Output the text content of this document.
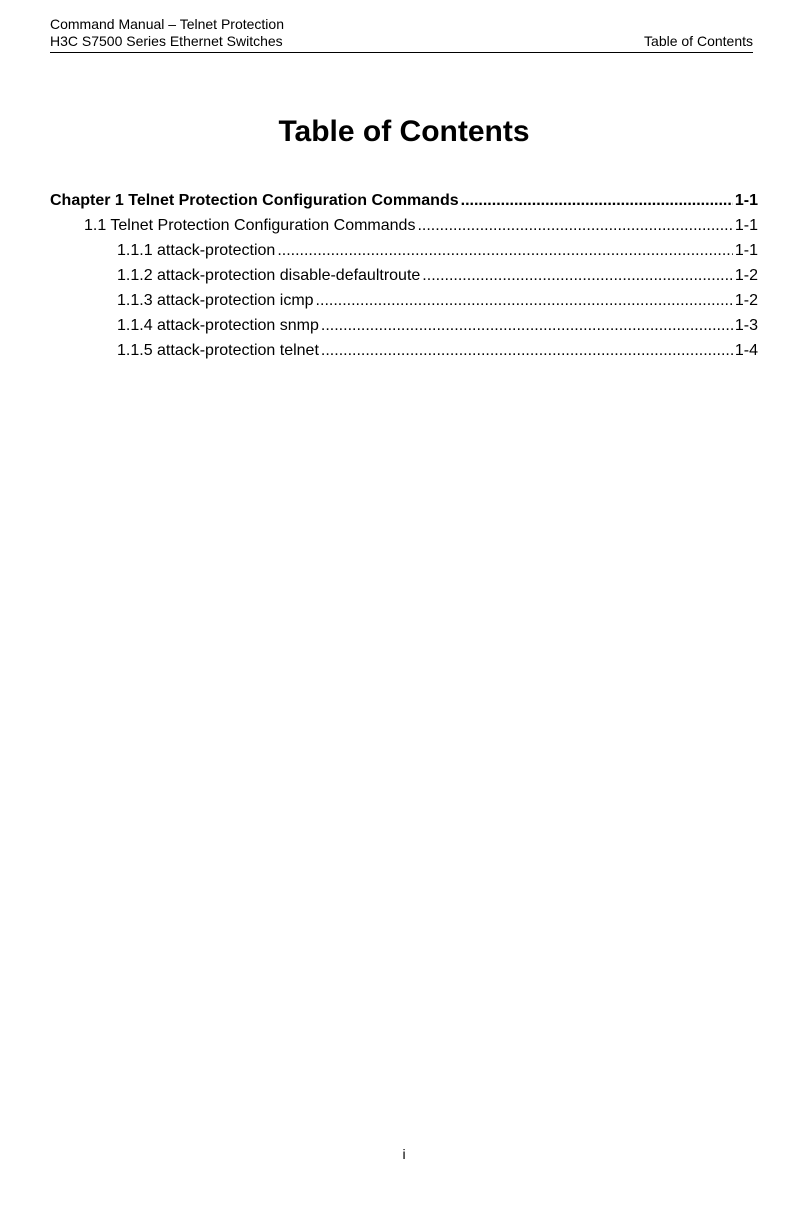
Command Manual – Telnet Protection
H3C S7500 Series Ethernet Switches	Table of Contents
Table of Contents
Chapter 1 Telnet Protection Configuration Commands .....	1-1
1.1 Telnet Protection Configuration Commands .....	1-1
1.1.1 attack-protection .....	1-1
1.1.2 attack-protection disable-defaultroute .....	1-2
1.1.3 attack-protection icmp .....	1-2
1.1.4 attack-protection snmp .....	1-3
1.1.5 attack-protection telnet .....	1-4
i
